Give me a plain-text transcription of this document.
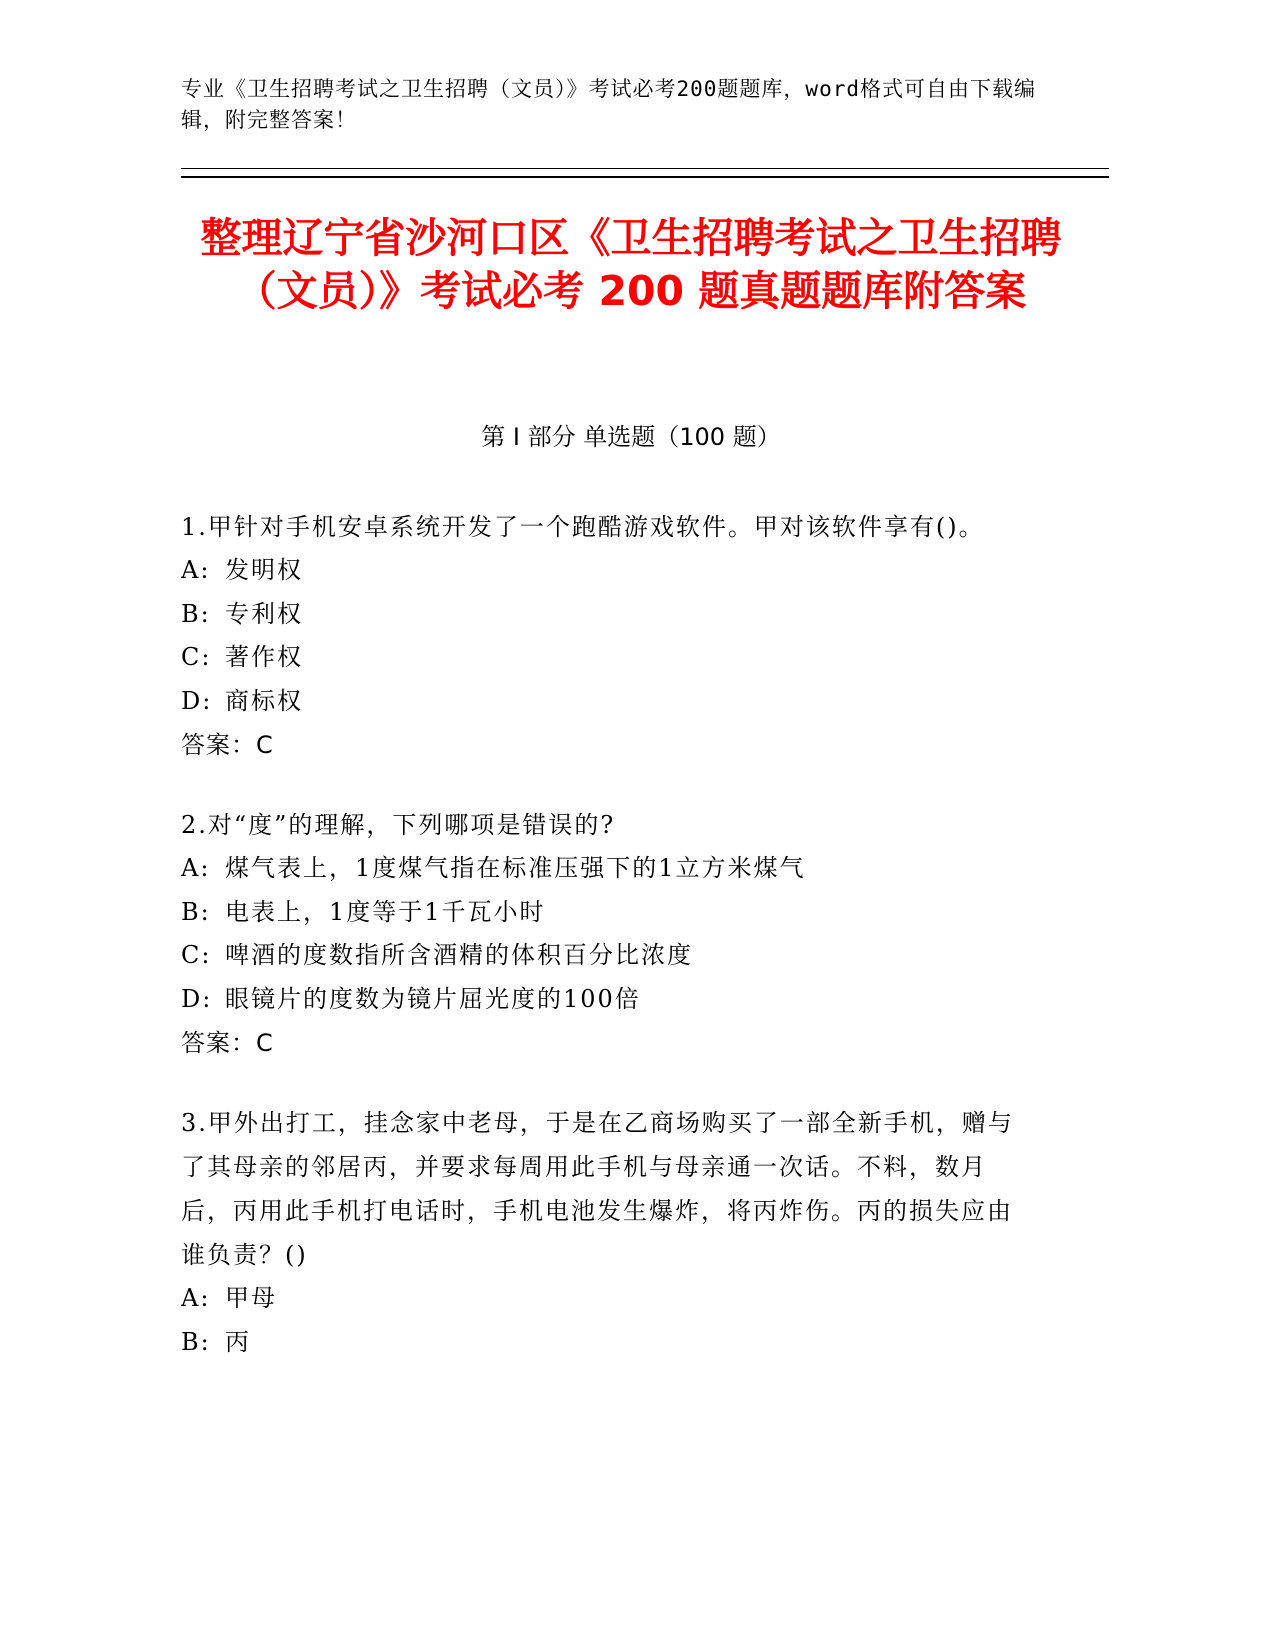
专业《卫生招聘考试之卫生招聘（文员）》考试必考200题题库，word格式可自由下载编辑，附完整答案！
整理辽宁省沙河口区《卫生招聘考试之卫生招聘（文员）》考试必考 200 题真题题库附答案
第 I 部分 单选题（100 题）

1.甲针对手机安卓系统开发了一个跑酷游戏软件。甲对该软件享有()。

A: 发明权

B: 专利权

C: 著作权

D: 商标权

答案：C

2.对“度”的理解，下列哪项是错误的?

A: 煤气表上，1度煤气指在标准压强下的1立方米煤气

B: 电表上，1度等于1千瓦小时

C: 啤酒的度数指所含酒精的体积百分比浓度

D: 眼镜片的度数为镜片屈光度的100倍

答案：C

3.甲外出打工，挂念家中老母，于是在乙商场购买了一部全新手机，赠与了其母亲的邻居丙，并要求每周用此手机与母亲通一次话。不料，数月后，丙用此手机打电话时，手机电池发生爆炸，将丙炸伤。丙的损失应由谁负责？()

A: 甲母

B: 丙
